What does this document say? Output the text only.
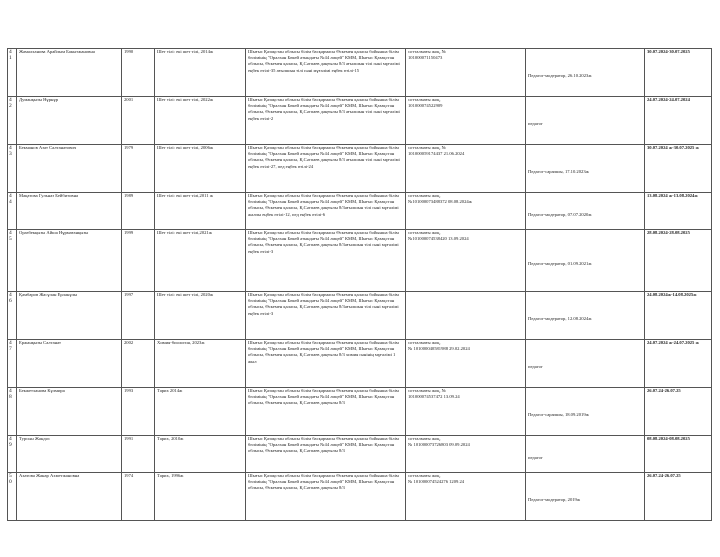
41	Жамалханова Арайлым Бакытжановна	1990	Шет тілі: екі шет тілі, 2014ж	Шығыс Қазақстан облысы білім басқармасы Өскемен қаласы бойынша білім бөлімінің "Оралхан Бөкей атындағы №44 лицей" КММ, Шығыс Қазақстан облысы, Өскемен қаласы, Қ.Сәтпаев даңғылы 8/3 ағылшын тілі пәні мұғалімі еңбек өтілі-35 ағылшын тілі пәні мұғалімі еңбек өтілі-15	сотталмағы жоқ, №
101000071150473	Педагог-модератор, 26.10.2023ж	30.07.2024-30.07.2025
42	Думанқызы Нұрнұр	2001	Шет тілі: екі шет тілі, 2022ж	Шығыс Қазақстан облысы білім басқармасы Өскемен қаласы бойынша білім бөлімінің "Оралхан Бөкей атындағы №44 лицей" КММ, Шығыс Қазақстан облысы, Өскемен қаласы, Қ.Сәтпаев даңғылы 8/3 ағылшын тілі пәні мұғалімі еңбек өтілі-2	сотталмағы жоқ,
101000074522909	педагог	24.07.2024-24.07.2024
43	Бекманов Азат Салтанатович	1979	Шет тілі: екі шет тілі, 2006ж	Шығыс Қазақстан облысы білім басқармасы Өскемен қаласы бойынша білім бөлімінің "Оралхан Бөкей атындағы №44 лицей" КММ, Шығыс Қазақстан облысы, Өскемен қаласы, Қ.Сәтпаев даңғылы 8/3 ағылшын тілі пәні мұғалімі еңбек өтілі-27, пед еңбек өтілі-24	сотталмағы жоқ, №
101000059174437 21.06.2024	Педагог-сарапшы, 17.10.2023ж	30.07.2024 ж-30.07.2025 ж
44	Мақатова Гульназ Бейбитовна	1989	Шет тілі: екі шет тілі,2011 ж	Шығыс Қазақстан облысы білім басқармасы Өскемен қаласы бойынша білім бөлімінің "Оралхан Бөкей атындағы №44 лицей" КММ, Шығыс Қазақстан облысы, Өскемен қаласы, Қ.Сәтпаев даңғылы 8/3ағылшын тілі пәні мұғалімі жалпы еңбек өтілі-12, пед еңбек өтілі-6	сотталмағы жоқ,
№101000073488372 08.08.2024ж	Педагог-модератор, 07.07.2020ж	13.08.2024 ж-13.08.2024ж
45	Оразбекқызы Айша Нұрмағанқызы	1999	Шет тілі: екі шет тілі,2021ж	Шығыс Қазақстан облысы білім басқармасы Өскемен қаласы бойынша білім бөлімінің "Оралхан Бөкей атындағы №44 лицей" КММ, Шығыс Қазақстан облысы, Өскемен қаласы, Қ.Сәтпаев даңғылы 8/3ағылшын тілі пәні мұғалімі еңбек өтілі-3	сотталмағы жоқ,
№101000074538420 13.09.2024	Педагог-модератор, 01.09.2021ж	28.08.2024-28.08.2025
46	Қамбаров Жасұлан Ерланұлы	1997	Шет тілі: екі шет тілі, 2020ж	Шығыс Қазақстан облысы білім басқармасы Өскемен қаласы бойынша білім бөлімінің "Оралхан Бөкей атындағы №44 лицей" КММ, Шығыс Қазақстан облысы, Өскемен қаласы, Қ.Сәтпаев даңғылы 8/3ағылшын тілі пәні мұғалімі еңбек өтілі-3		Педагог-модератор, 12.08.2024ж	24.08.2024ж-14.08.2025ж
47	Ержанқызы Салтанат	2002	Химия-биология, 2023ж	Шығыс Қазақстан облысы білім басқармасы Өскемен қаласы бойынша білім бөлімінің "Оралхан Бөкей атындағы №44 лицей" КММ, Шығыс Қазақстан облысы, Өскемен қаласы, Қ.Сәтпаев даңғылы 8/3 химия пәнінің мұғалімі 1 жыл	сотталмағы жоқ,
№ 101000040581988 29.02.2024	педагог	24.07.2024 ж-24.07.2025 ж
48	Бекжетханова Кұлмира	1993	Тарих 2014ж	Шығыс Қазақстан облысы білім басқармасы Өскемен қаласы бойынша білім бөлімінің "Оралхан Бөкей атындағы №44 лицей" КММ, Шығыс Қазақстан облысы, Өскемен қаласы, Қ.Сәтпаев даңғылы 8/3	сотталмағы жоқ, №
101000074537472 13.09.24	Педагог-сарапшы, 18.09.2019ж	26.07.24-26.07.25
49	Турсын Жандос	1991	Тарих, 2010ж	Шығыс Қазақстан облысы білім басқармасы Өскемен қаласы бойынша білім бөлімінің "Оралхан Бөкей атындағы №44 лицей" КММ, Шығыс Қазақстан облысы, Өскемен қаласы, Қ.Сәтпаев даңғылы 8/3	сотталмағы жоқ,
№ 101000073726803 09.09.2024	педагог	08.08.2024-08.08.2025
50	Ахатова Жанар Ахметжановна	1974	Тарих, 1996ж	Шығыс Қазақстан облысы білім басқармасы Өскемен қаласы бойынша білім бөлімінің "Оралхан Бөкей атындағы №44 лицей" КММ, Шығыс Қазақстан облысы, Өскемен қаласы, Қ.Сәтпаев даңғылы 8/3	сотталмағы жоқ,
№ 101000074524276 1209.24	Педагог-модератор, 2019ж	26.07.24-26.07.25
